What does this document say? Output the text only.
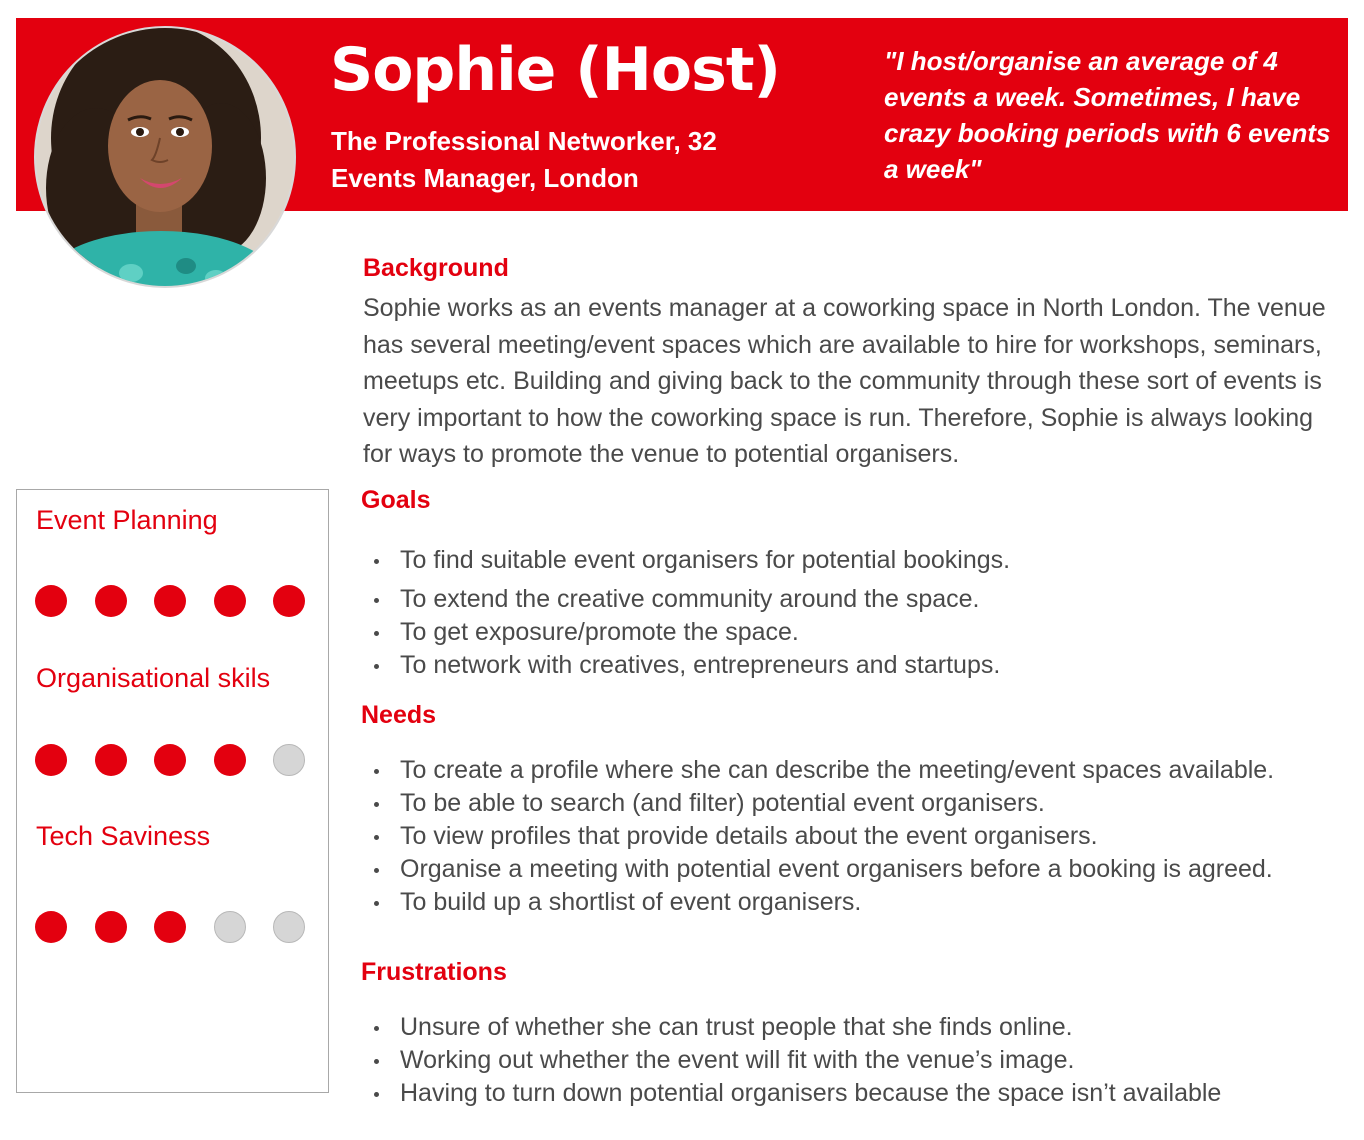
Sophie (Host)
The Professional Networker, 32
Events Manager, London
"I host/organise an average of 4 events a week. Sometimes, I have crazy booking periods with 6 events a week"
Event Planning
Organisational skils
Tech Saviness
Background
Sophie works as an events manager at a coworking space in North London. The venue has several meeting/event spaces which are available to hire for workshops, seminars, meetups etc. Building and giving back to the community through these sort of events is very important to how the coworking space is run. Therefore, Sophie is always looking for ways to promote the venue to potential organisers.
Goals
To find suitable event organisers for potential bookings.
To extend the creative community around the space.
To get exposure/promote the space.
To network with creatives, entrepreneurs and startups.
Needs
To create a profile where she can describe the meeting/event spaces available.
To be able to search (and filter) potential event organisers.
To view profiles that provide details about the event organisers.
Organise a meeting with potential event organisers before a booking is agreed.
To build up a shortlist of event organisers.
Frustrations
Unsure of whether she can trust people that she finds online.
Working out whether the event will fit with the venue’s image.
Having to turn down potential organisers because the space isn’t available
